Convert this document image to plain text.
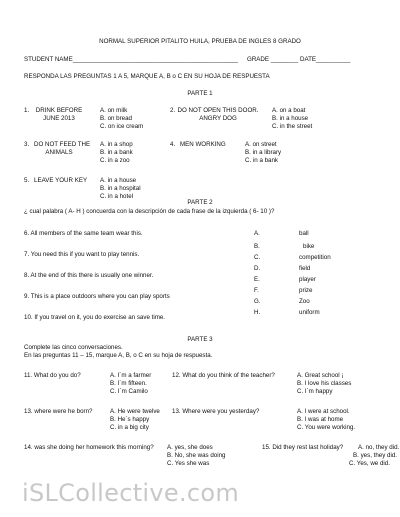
NORMAL SUPERIOR PITALITO HUILA, PRUEBA DE INGLES 8 GRADO
STUDENT NAME________________________________________________ GRADE ________ DATE__________
RESPONDA LAS PREGUNTAS 1 A 5, MARQUE A, B o C EN SU HOJA DE RESPUESTA
PARTE 1
1. DRINK BEFORE
JUNE 2013
A. on milk
B. on bread
C. on ice cream
2. DO NOT OPEN THIS DOOR.
ANGRY DOG
A. on a boat
B. in a house
C. in the street
3. DO NOT FEED THE
ANIMALS
A. in a shop
B. in a bank
C. in a zoo
4. MEN WORKING	A. on street
B. in a library
C. in a bank
5. LEAVE YOUR KEY A. in a house
B. in a hospital
C. in a hotel
PARTE 2
¿ cual palabra ( A- H ) concuerda con la descripción de cada frase de la izquierda ( 6- 10 )?
6. All members of the same team wear this.
7. You need this if you want to play tennis.
8. At the end of this there is usually one winner.
9. This is a place outdoors where you can play sports
10. If you travel on it, you do exercise an save time.
A.	ball
B.	bike
C.	competition
D.	field
E.	player
F.	prize
G.	Zoo
H.	uniform
PARTE 3
Complete las cinco conversaciones.
En las preguntas 11 – 15, marque A, B, o C en su hoja de respuesta.
11. What do you do?	A. I´m a farmer
B. I´m fifteen.
C. I´m Camilo
12. What do you think of the teacher?	A. Great school ¡
B. I love his classes
C. I´m happy
13. where were he born?	A. He were twelve
B. He´s happy
C. in a big city
13. Where were you yesterday?	A. I were at school.
B. I was at home
C. You were working.
14. was she doing her homework this morning? A. yes, she does
B. No, she was doing
C. Yes she was
15. Did they rest last holiday? A. no, they did.
B. yes, they did.
C. Yes, we did.
iSLCollective.com
